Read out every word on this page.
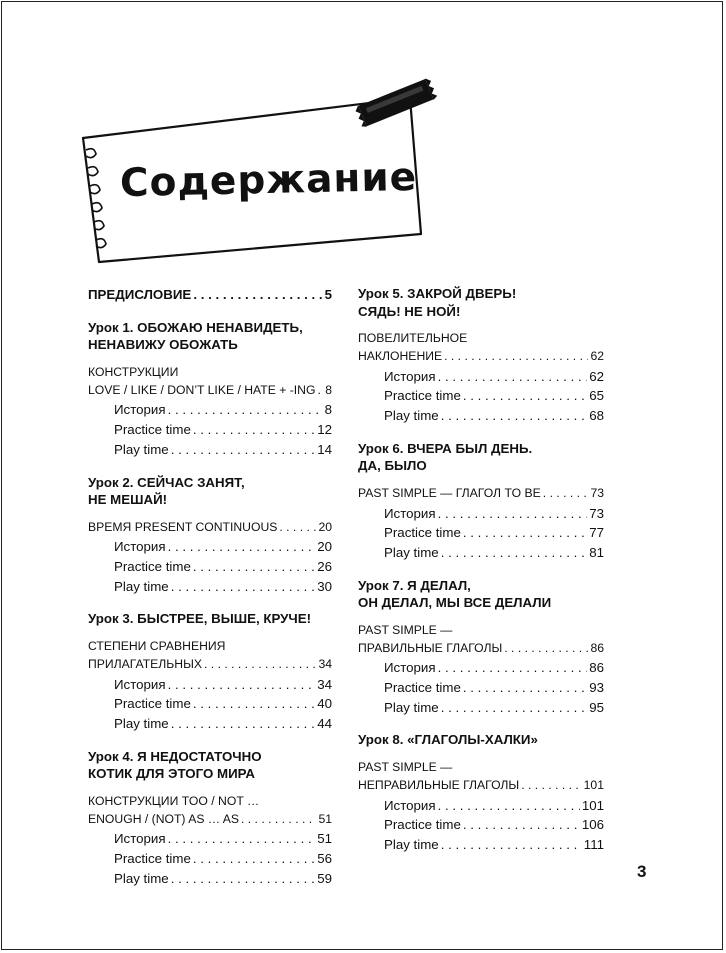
Содержание
ПРЕДИСЛОВИЕ . . .	5
Урок 1. ОБОЖАЮ НЕНАВИДЕТЬ,
НЕНАВИЖУ ОБОЖАТЬ
КОНСТРУКЦИИ
LOVE / LIKE / DON’T LIKE / HATE + -ING . . . 8
История . . .	8
Practice time . . .	12
Play time . . .	14
Урок 2. СЕЙЧАС ЗАНЯТ,
НЕ МЕШАЙ!
ВРЕМЯ PRESENT CONTINUOUS . . .	20
История . . .	20
Practice time . . .	26
Play time . . .	30
Урок 3. БЫСТРЕЕ, ВЫШЕ, КРУЧЕ!
СТЕПЕНИ СРАВНЕНИЯ
ПРИЛАГАТЕЛЬНЫХ . . .	34
История . . .	34
Practice time . . .	40
Play time . . .	44
Урок 4. Я НЕДОСТАТОЧНО
КОТИК ДЛЯ ЭТОГО МИРА
КОНСТРУКЦИИ TOO / NOT …
ENOUGH / (NOT) AS … AS . . .	51
История . . .	51
Practice time . . .	56
Play time . . .	59
Урок 5. ЗАКРОЙ ДВЕРЬ!
СЯДЬ! НЕ НОЙ!
ПОВЕЛИТЕЛЬНОЕ
НАКЛОНЕНИЕ . . .	62
История . . .	62
Practice time . . .	65
Play time . . .	68
Урок 6. ВЧЕРА БЫЛ ДЕНЬ.
ДА, БЫЛО
PAST SIMPLE — ГЛАГОЛ TO BE . . .	73
История . . .	73
Practice time . . .	77
Play time . . .	81
Урок 7. Я ДЕЛАЛ,
ОН ДЕЛАЛ, МЫ ВСЕ ДЕЛАЛИ
PAST SIMPLE —
ПРАВИЛЬНЫЕ ГЛАГОЛЫ . . .	86
История . . .	86
Practice time . . .	93
Play time . . .	95
Урок 8. «ГЛАГОЛЫ-ХАЛКИ»
PAST SIMPLE —
НЕПРАВИЛЬНЫЕ ГЛАГОЛЫ . . .	101
История . . .	101
Practice time . . .	106
Play time . . .	111
3
